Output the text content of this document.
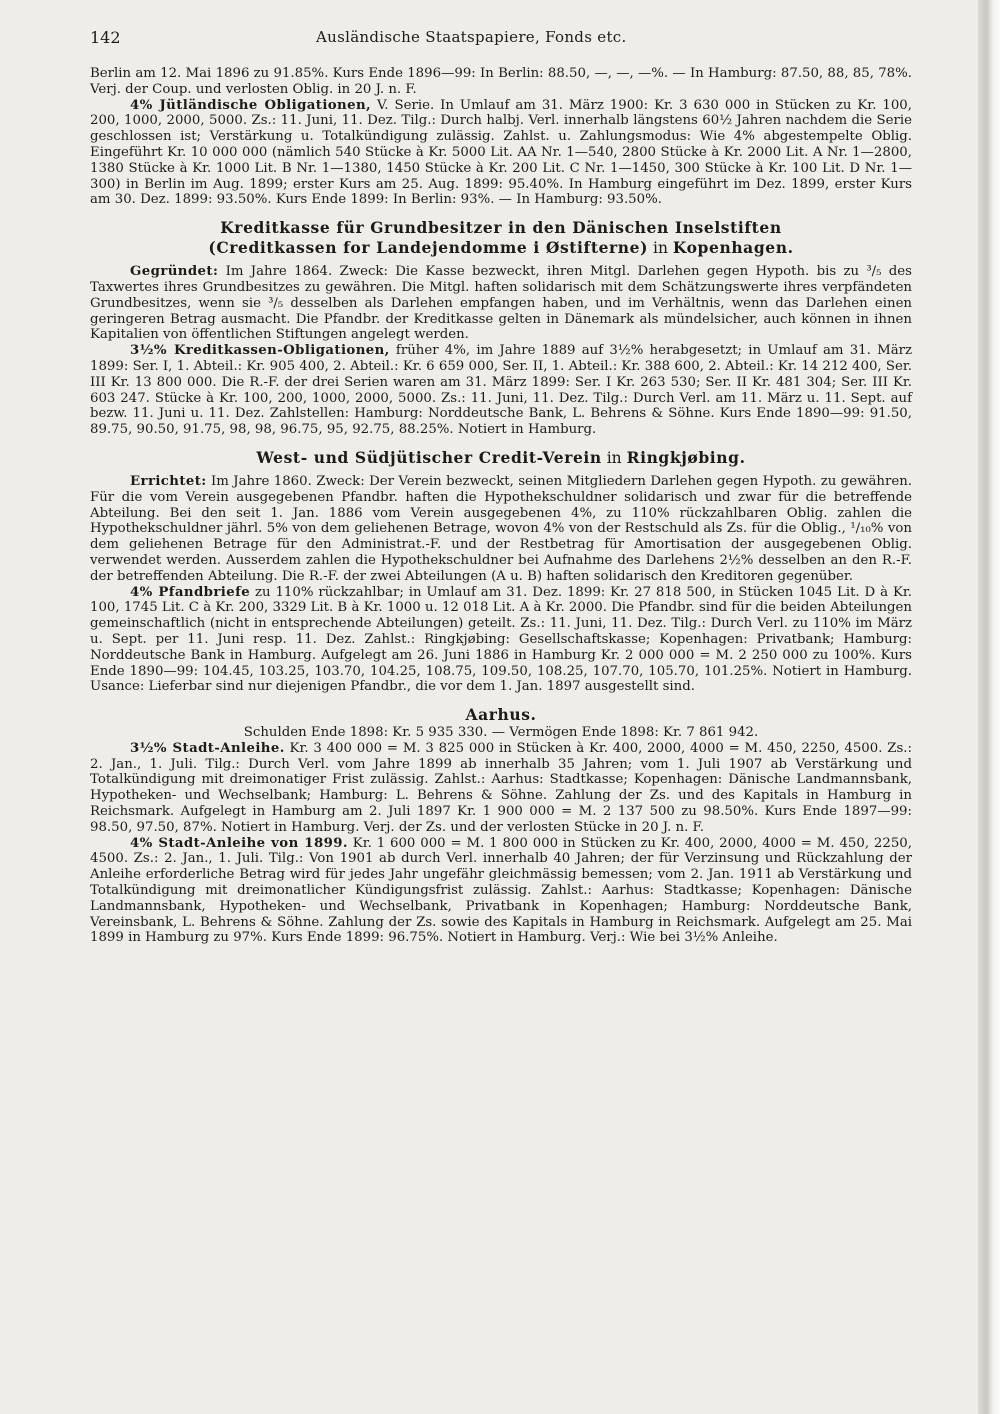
142	Ausländische Staatspapiere, Fonds etc.

Berlin am 12. Mai 1896 zu 91.85%. Kurs Ende 1896—99: In Berlin: 88.50, —, —, —%. — In Hamburg: 87.50, 88, 85, 78%. Verj. der Coup. und verlosten Oblig. in 20 J. n. F.

4% Jütländische Obligationen, V. Serie. In Umlauf am 31. März 1900: Kr. 3 630 000 in Stücken zu Kr. 100, 200, 1000, 2000, 5000. Zs.: 11. Juni, 11. Dez. Tilg.: Durch halbj. Verl. innerhalb längstens 60½ Jahren nachdem die Serie geschlossen ist; Verstärkung u. Totalkündigung zulässig. Zahlst. u. Zahlungsmodus: Wie 4% abgestempelte Oblig. Eingeführt Kr. 10 000 000 (nämlich 540 Stücke à Kr. 5000 Lit. AA Nr. 1—540, 2800 Stücke à Kr. 2000 Lit. A Nr. 1—2800, 1380 Stücke à Kr. 1000 Lit. B Nr. 1—1380, 1450 Stücke à Kr. 200 Lit. C Nr. 1—1450, 300 Stücke à Kr. 100 Lit. D Nr. 1—300) in Berlin im Aug. 1899; erster Kurs am 25. Aug. 1899: 95.40%. In Hamburg eingeführt im Dez. 1899, erster Kurs am 30. Dez. 1899: 93.50%. Kurs Ende 1899: In Berlin: 93%. — In Hamburg: 93.50%.

Kreditkasse für Grundbesitzer in den Dänischen Inselstiften
(Creditkassen for Landejendomme i Østifterne) in Kopenhagen.

Gegründet: Im Jahre 1864. Zweck: Die Kasse bezweckt, ihren Mitgl. Darlehen gegen Hypoth. bis zu ³/₅ des Taxwertes ihres Grundbesitzes zu gewähren. Die Mitgl. haften solidarisch mit dem Schätzungswerte ihres verpfändeten Grundbesitzes, wenn sie ³/₅ desselben als Darlehen empfangen haben, und im Verhältnis, wenn das Darlehen einen geringeren Betrag ausmacht. Die Pfandbr. der Kreditkasse gelten in Dänemark als mündelsicher, auch können in ihnen Kapitalien von öffentlichen Stiftungen angelegt werden.

3½% Kreditkassen-Obligationen, früher 4%, im Jahre 1889 auf 3½% herabgesetzt; in Umlauf am 31. März 1899: Ser. I, 1. Abteil.: Kr. 905 400, 2. Abteil.: Kr. 6 659 000, Ser. II, 1. Abteil.: Kr. 388 600, 2. Abteil.: Kr. 14 212 400, Ser. III Kr. 13 800 000. Die R.-F. der drei Serien waren am 31. März 1899: Ser. I Kr. 263 530; Ser. II Kr. 481 304; Ser. III Kr. 603 247. Stücke à Kr. 100, 200, 1000, 2000, 5000. Zs.: 11. Juni, 11. Dez. Tilg.: Durch Verl. am 11. März u. 11. Sept. auf bezw. 11. Juni u. 11. Dez. Zahlstellen: Hamburg: Norddeutsche Bank, L. Behrens & Söhne. Kurs Ende 1890—99: 91.50, 89.75, 90.50, 91.75, 98, 98, 96.75, 95, 92.75, 88.25%. Notiert in Hamburg.

West- und Südjütischer Credit-Verein in Ringkjøbing.

Errichtet: Im Jahre 1860. Zweck: Der Verein bezweckt, seinen Mitgliedern Darlehen gegen Hypoth. zu gewähren. Für die vom Verein ausgegebenen Pfandbr. haften die Hypothekschuldner solidarisch und zwar für die betreffende Abteilung. Bei den seit 1. Jan. 1886 vom Verein ausgegebenen 4%, zu 110% rückzahlbaren Oblig. zahlen die Hypothekschuldner jährl. 5% von dem geliehenen Betrage, wovon 4% von der Restschuld als Zs. für die Oblig., ¹/₁₀% von dem geliehenen Betrage für den Administrat.-F. und der Restbetrag für Amortisation der ausgegebenen Oblig. verwendet werden. Ausserdem zahlen die Hypothekschuldner bei Aufnahme des Darlehens 2½% desselben an den R.-F. der betreffenden Abteilung. Die R.-F. der zwei Abteilungen (A u. B) haften solidarisch den Kreditoren gegenüber.

4% Pfandbriefe zu 110% rückzahlbar; in Umlauf am 31. Dez. 1899: Kr. 27 818 500, in Stücken 1045 Lit. D à Kr. 100, 1745 Lit. C à Kr. 200, 3329 Lit. B à Kr. 1000 u. 12 018 Lit. A à Kr. 2000. Die Pfandbr. sind für die beiden Abteilungen gemeinschaftlich (nicht in entsprechende Abteilungen) geteilt. Zs.: 11. Juni, 11. Dez. Tilg.: Durch Verl. zu 110% im März u. Sept. per 11. Juni resp. 11. Dez. Zahlst.: Ringkjøbing: Gesellschaftskasse; Kopenhagen: Privatbank; Hamburg: Norddeutsche Bank in Hamburg. Aufgelegt am 26. Juni 1886 in Hamburg Kr. 2 000 000 = M. 2 250 000 zu 100%. Kurs Ende 1890—99: 104.45, 103.25, 103.70, 104.25, 108.75, 109.50, 108.25, 107.70, 105.70, 101.25%. Notiert in Hamburg. Usance: Lieferbar sind nur diejenigen Pfandbr., die vor dem 1. Jan. 1897 ausgestellt sind.

Aarhus.

Schulden Ende 1898: Kr. 5 935 330. — Vermögen Ende 1898: Kr. 7 861 942.

3½% Stadt-Anleihe. Kr. 3 400 000 = M. 3 825 000 in Stücken à Kr. 400, 2000, 4000 = M. 450, 2250, 4500. Zs.: 2. Jan., 1. Juli. Tilg.: Durch Verl. vom Jahre 1899 ab innerhalb 35 Jahren; vom 1. Juli 1907 ab Verstärkung und Totalkündigung mit dreimonatiger Frist zulässig. Zahlst.: Aarhus: Stadtkasse; Kopenhagen: Dänische Landmannsbank, Hypotheken- und Wechselbank; Hamburg: L. Behrens & Söhne. Zahlung der Zs. und des Kapitals in Hamburg in Reichsmark. Aufgelegt in Hamburg am 2. Juli 1897 Kr. 1 900 000 = M. 2 137 500 zu 98.50%. Kurs Ende 1897—99: 98.50, 97.50, 87%. Notiert in Hamburg. Verj. der Zs. und der verlosten Stücke in 20 J. n. F.

4% Stadt-Anleihe von 1899. Kr. 1 600 000 = M. 1 800 000 in Stücken zu Kr. 400, 2000, 4000 = M. 450, 2250, 4500. Zs.: 2. Jan., 1. Juli. Tilg.: Von 1901 ab durch Verl. innerhalb 40 Jahren; der für Verzinsung und Rückzahlung der Anleihe erforderliche Betrag wird für jedes Jahr ungefähr gleichmässig bemessen; vom 2. Jan. 1911 ab Verstärkung und Totalkündigung mit dreimonatlicher Kündigungsfrist zulässig. Zahlst.: Aarhus: Stadtkasse; Kopenhagen: Dänische Landmannsbank, Hypotheken- und Wechselbank, Privatbank in Kopenhagen; Hamburg: Norddeutsche Bank, Vereinsbank, L. Behrens & Söhne. Zahlung der Zs. sowie des Kapitals in Hamburg in Reichsmark. Aufgelegt am 25. Mai 1899 in Hamburg zu 97%. Kurs Ende 1899: 96.75%. Notiert in Hamburg. Verj.: Wie bei 3½% Anleihe.
